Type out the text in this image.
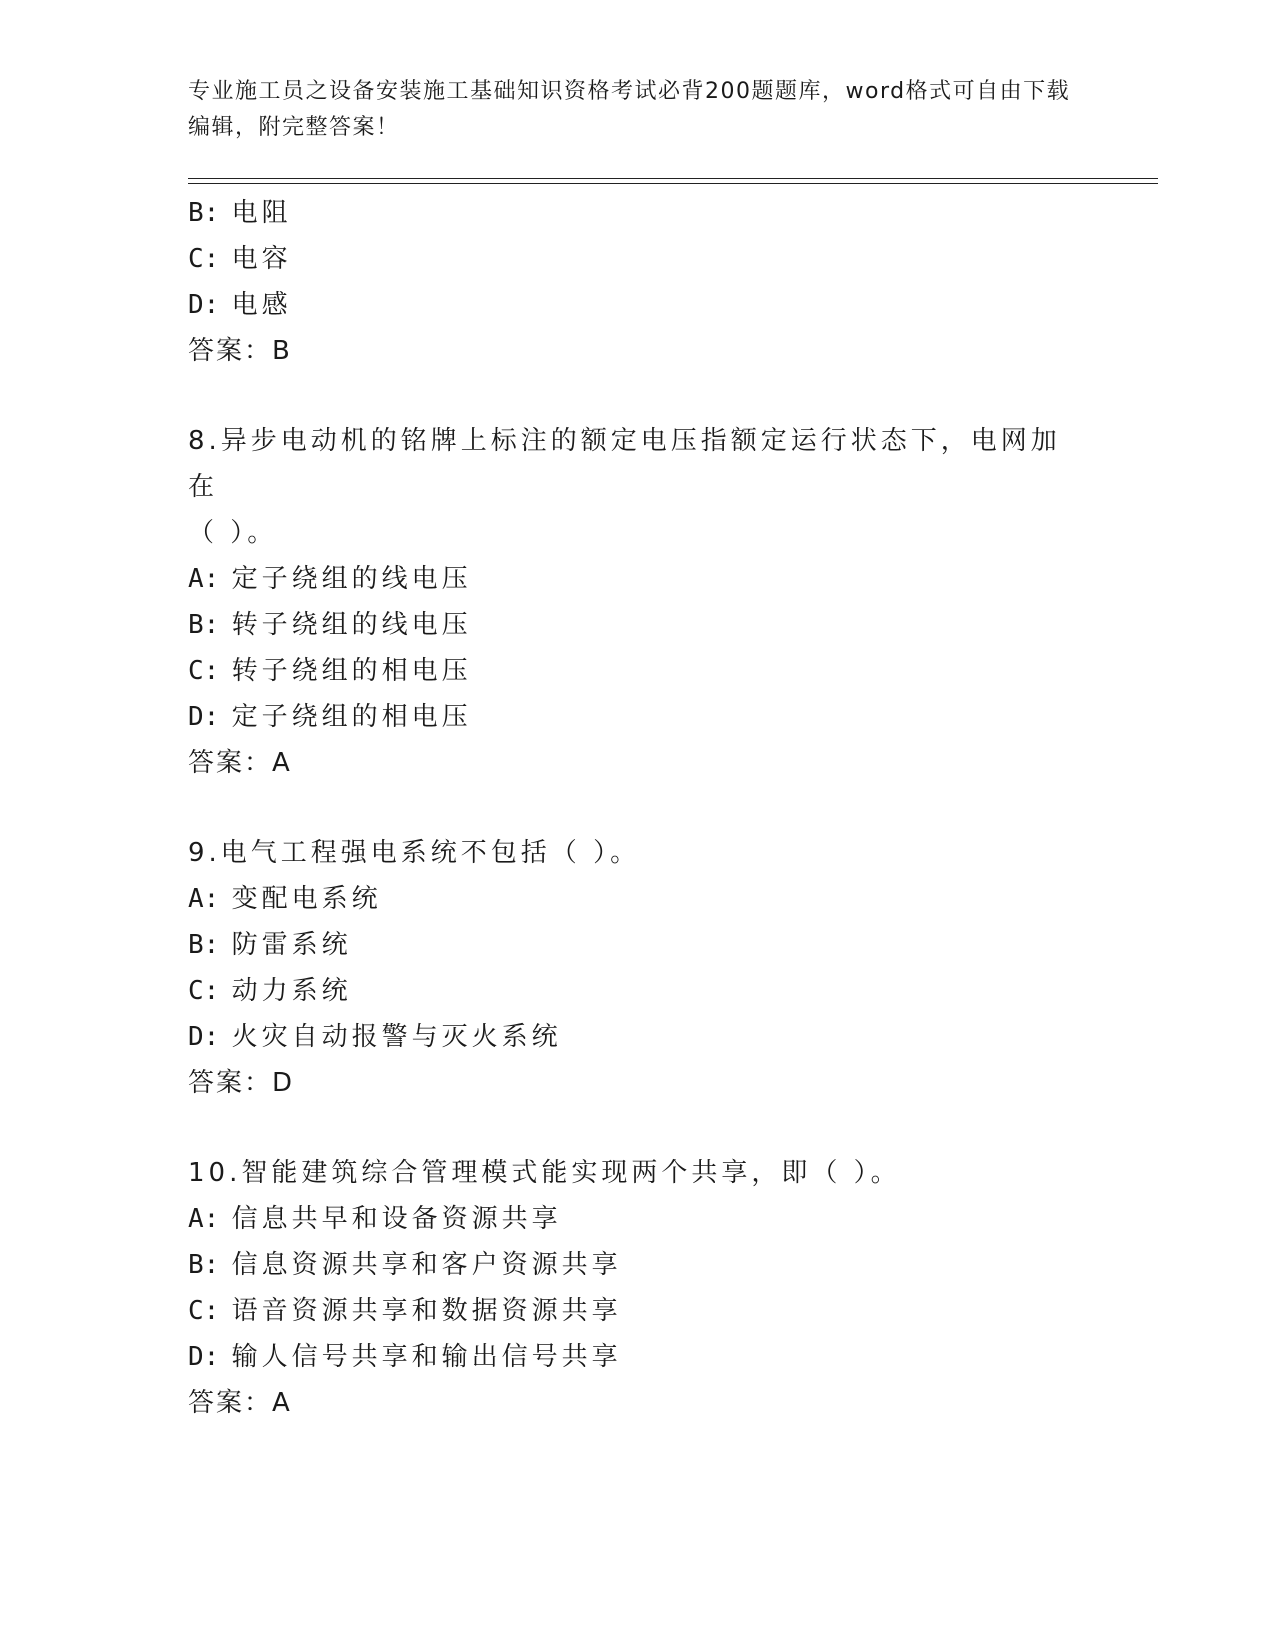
专业施工员之设备安装施工基础知识资格考试必背200题题库，word格式可自由下载编辑，附完整答案！
B: 电阻
C: 电容
D: 电感
答案：B
8.异步电动机的铭牌上标注的额定电压指额定运行状态下，电网加在
（ ）。
A: 定子绕组的线电压
B: 转子绕组的线电压
C: 转子绕组的相电压
D: 定子绕组的相电压
答案：A
9.电气工程强电系统不包括（ ）。
A: 变配电系统
B: 防雷系统
C: 动力系统
D: 火灾自动报警与灭火系统
答案：D
10.智能建筑综合管理模式能实现两个共享，即（ ）。
A: 信息共早和设备资源共享
B: 信息资源共享和客户资源共享
C: 语音资源共享和数据资源共享
D: 输人信号共享和输出信号共享
答案：A
